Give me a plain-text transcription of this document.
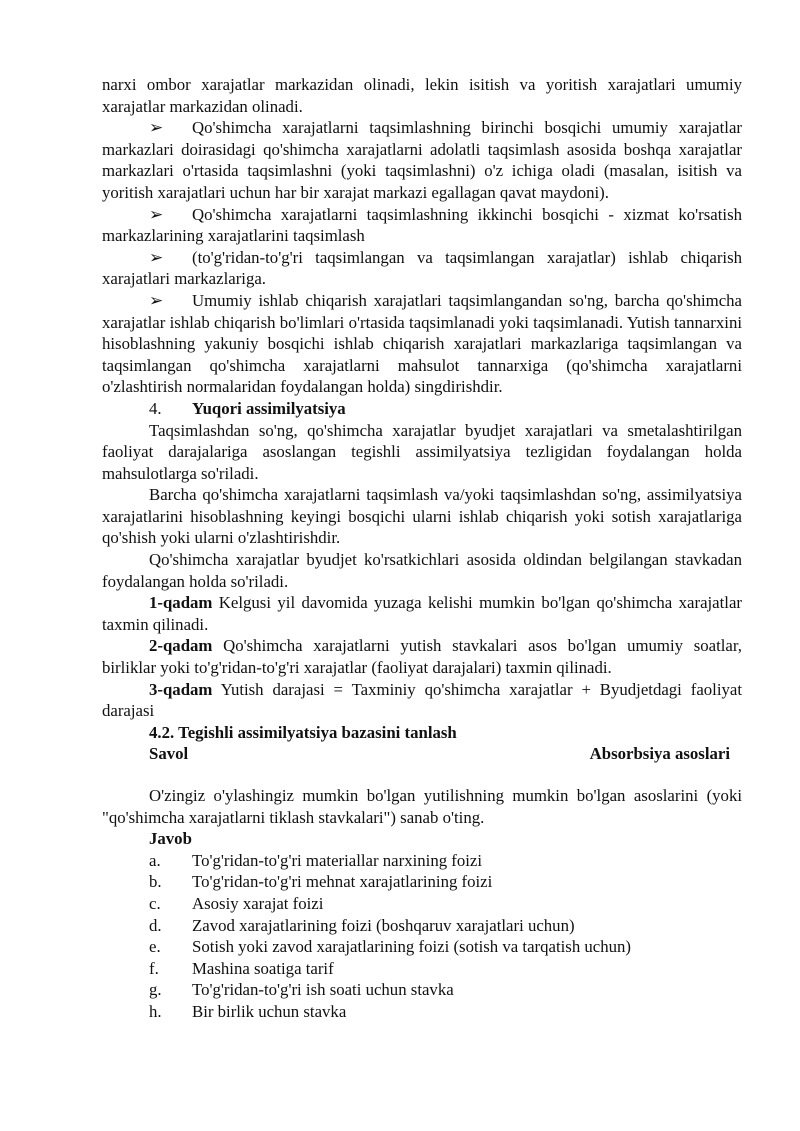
narxi ombor xarajatlar markazidan olinadi, lekin isitish va yoritish xarajatlari umumiy xarajatlar markazidan olinadi.

➢ Qo'shimcha xarajatlarni taqsimlashning birinchi bosqichi umumiy xarajatlar markazlari doirasidagi qo'shimcha xarajatlarni adolatli taqsimlash asosida boshqa xarajatlar markazlari o'rtasida taqsimlashni (yoki taqsimlashni) o'z ichiga oladi (masalan, isitish va yoritish xarajatlari uchun har bir xarajat markazi egallagan qavat maydoni).

➢ Qo'shimcha xarajatlarni taqsimlashning ikkinchi bosqichi - xizmat ko'rsatish markazlarining xarajatlarini taqsimlash

➢ (to'g'ridan-to'g'ri taqsimlangan va taqsimlangan xarajatlar) ishlab chiqarish xarajatlari markazlariga.

➢ Umumiy ishlab chiqarish xarajatlari taqsimlangandan so'ng, barcha qo'shimcha xarajatlar ishlab chiqarish bo'limlari o'rtasida taqsimlanadi yoki taqsimlanadi. Yutish tannarxini hisoblashning yakuniy bosqichi ishlab chiqarish xarajatlari markazlariga taqsimlangan va taqsimlangan qo'shimcha xarajatlarni mahsulot tannarxiga (qo'shimcha xarajatlarni o'zlashtirish normalaridan foydalangan holda) singdirishdir.

4.	Yuqori assimilyatsiya

Taqsimlashdan so'ng, qo'shimcha xarajatlar byudjet xarajatlari va smetalashtirilgan faoliyat darajalariga asoslangan tegishli assimilyatsiya tezligidan foydalangan holda mahsulotlarga so'riladi.

Barcha qo'shimcha xarajatlarni taqsimlash va/yoki taqsimlashdan so'ng, assimilyatsiya xarajatlarini hisoblashning keyingi bosqichi ularni ishlab chiqarish yoki sotish xarajatlariga qo'shish yoki ularni o'zlashtirishdir.

Qo'shimcha xarajatlar byudjet ko'rsatkichlari asosida oldindan belgilangan stavkadan foydalangan holda so'riladi.

1-qadam Kelgusi yil davomida yuzaga kelishi mumkin bo'lgan qo'shimcha xarajatlar taxmin qilinadi.

2-qadam Qo'shimcha xarajatlarni yutish stavkalari asos bo'lgan umumiy soatlar, birliklar yoki to'g'ridan-to'g'ri xarajatlar (faoliyat darajalari) taxmin qilinadi.

3-qadam Yutish darajasi = Taxminiy qo'shimcha xarajatlar + Byudjetdagi faoliyat darajasi

4.2. Tegishli assimilyatsiya bazasini tanlash

Savol	Absorbsiya asoslari

O'zingiz o'ylashingiz mumkin bo'lgan yutilishning mumkin bo'lgan asoslarini (yoki "qo'shimcha xarajatlarni tiklash stavkalari") sanab o'ting.

Javob

a.	To'g'ridan-to'g'ri materiallar narxining foizi
b.	To'g'ridan-to'g'ri mehnat xarajatlarining foizi
c.	Asosiy xarajat foizi
d.	Zavod xarajatlarining foizi (boshqaruv xarajatlari uchun)
e.	Sotish yoki zavod xarajatlarining foizi (sotish va tarqatish uchun)
f.	Mashina soatiga tarif
g.	To'g'ridan-to'g'ri ish soati uchun stavka
h.	Bir birlik uchun stavka
